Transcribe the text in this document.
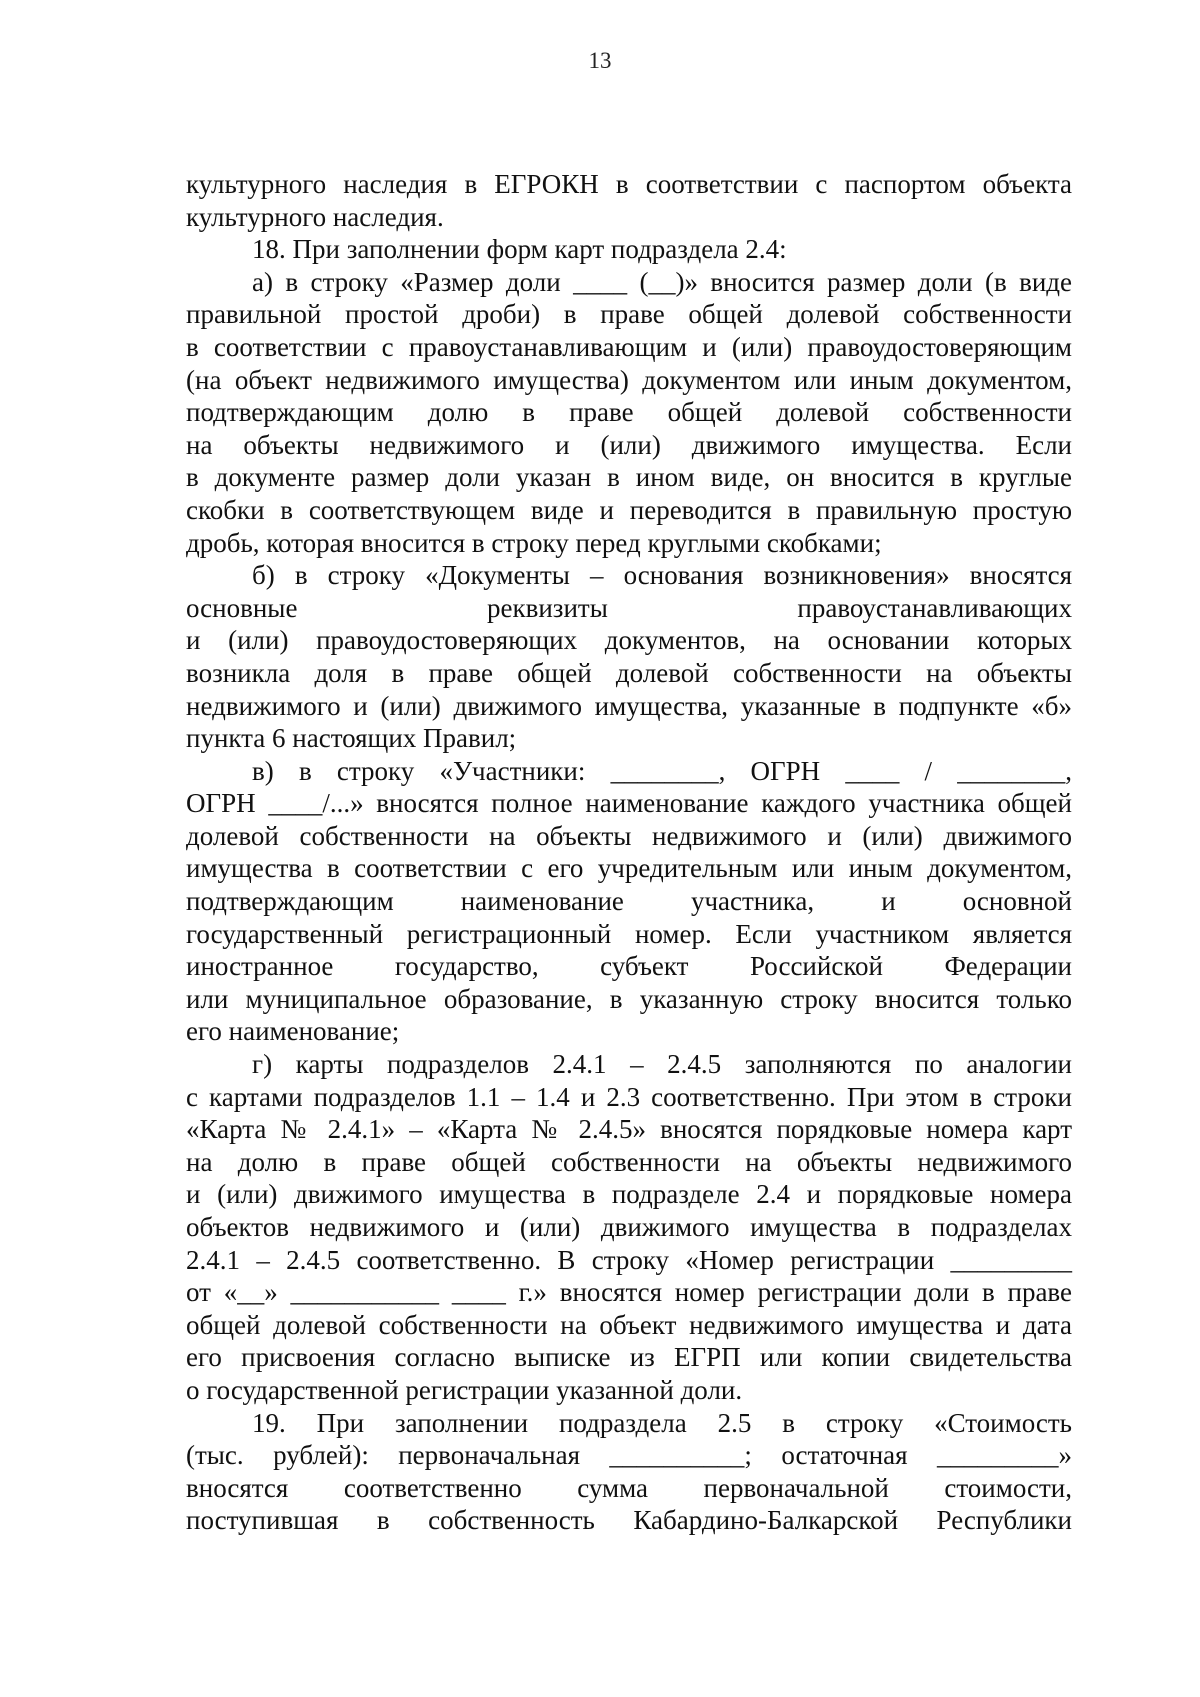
13
культурного наследия в ЕГРОКН в соответствии с паспортом объекта
культурного наследия.
18. При заполнении форм карт подраздела 2.4:
а) в строку «Размер доли ____ (__)» вносится размер доли (в виде
правильной простой дроби) в праве общей долевой собственности
в соответствии с правоустанавливающим и (или) правоудостоверяющим
(на объект недвижимого имущества) документом или иным документом,
подтверждающим долю в праве общей долевой собственности
на объекты недвижимого и (или) движимого имущества. Если
в документе размер доли указан в ином виде, он вносится в круглые
скобки в соответствующем виде и переводится в правильную простую
дробь, которая вносится в строку перед круглыми скобками;
б) в строку «Документы – основания возникновения» вносятся
основные реквизиты правоустанавливающих
и (или) правоудостоверяющих документов, на основании которых
возникла доля в праве общей долевой собственности на объекты
недвижимого и (или) движимого имущества, указанные в подпункте «б»
пункта 6 настоящих Правил;
в) в строку «Участники: ________, ОГРН ____ / ________,
ОГРН ____/...» вносятся полное наименование каждого участника общей
долевой собственности на объекты недвижимого и (или) движимого
имущества в соответствии с его учредительным или иным документом,
подтверждающим наименование участника, и основной
государственный регистрационный номер. Если участником является
иностранное государство, субъект Российской Федерации
или муниципальное образование, в указанную строку вносится только
его наименование;
г) карты подразделов 2.4.1 – 2.4.5 заполняются по аналогии
с картами подразделов 1.1 – 1.4 и 2.3 соответственно. При этом в строки
«Карта № 2.4.1» – «Карта № 2.4.5» вносятся порядковые номера карт
на долю в праве общей собственности на объекты недвижимого
и (или) движимого имущества в подразделе 2.4 и порядковые номера
объектов недвижимого и (или) движимого имущества в подразделах
2.4.1 – 2.4.5 соответственно. В строку «Номер регистрации _________
от «__» ___________ ____ г.» вносятся номер регистрации доли в праве
общей долевой собственности на объект недвижимого имущества и дата
его присвоения согласно выписке из ЕГРП или копии свидетельства
о государственной регистрации указанной доли.
19. При заполнении подраздела 2.5 в строку «Стоимость
(тыс. рублей): первоначальная __________; остаточная _________»
вносятся соответственно сумма первоначальной стоимости,
поступившая в собственность Кабардино-Балкарской Республики
